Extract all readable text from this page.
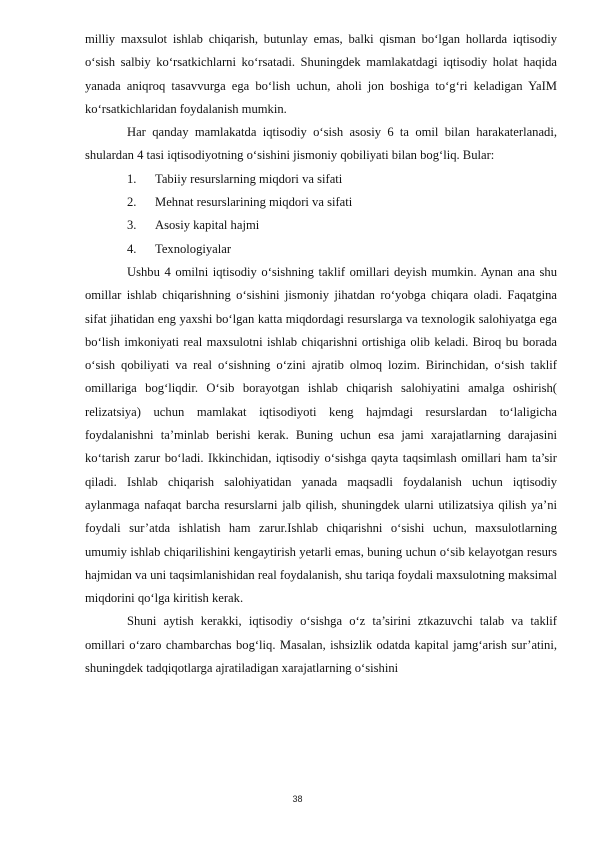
milliy maxsulot ishlab chiqarish, butunlay emas, balki qisman bo‘lgan hollarda iqtisodiy o‘sish salbiy ko‘rsatkichlarni ko‘rsatadi. Shuningdek mamlakatdagi iqtisodiy holat haqida yanada aniqroq tasavvurga ega bo‘lish uchun, aholi jon boshiga to‘g‘ri keladigan YaIM ko‘rsatkichlaridan foydalanish mumkin.

Har qanday mamlakatda iqtisodiy o‘sish asosiy 6 ta omil bilan harakaterlanadi, shulardan 4 tasi iqtisodiyotning o‘sishini jismoniy qobiliyati bilan bog‘liq. Bular:

1.	Tabiiy resurslarning miqdori va sifati
2.	Mehnat resurslarining miqdori va sifati
3.	Asosiy kapital hajmi
4.	Texnologiyalar

Ushbu 4 omilni iqtisodiy o‘sishning taklif omillari deyish mumkin. Aynan ana shu omillar ishlab chiqarishning o‘sishini jismoniy jihatdan ro‘yobga chiqara oladi. Faqatgina sifat jihatidan eng yaxshi bo‘lgan katta miqdordagi resurslarga va texnologik salohiyatga ega bo‘lish imkoniyati real maxsulotni ishlab chiqarishni ortishiga olib keladi. Biroq bu borada o‘sish qobiliyati va real o‘sishning o‘zini ajratib olmoq lozim. Birinchidan, o‘sish taklif omillariga bog‘liqdir. O‘sib borayotgan ishlab chiqarish salohiyatini amalga oshirish( relizatsiya) uchun mamlakat iqtisodiyoti keng hajmdagi resurslardan to‘laligicha foydalanishni ta’minlab berishi kerak. Buning uchun esa jami xarajatlarning darajasini ko‘tarish zarur bo‘ladi. Ikkinchidan, iqtisodiy o‘sishga qayta taqsimlash omillari ham ta’sir qiladi. Ishlab chiqarish salohiyatidan yanada maqsadli foydalanish uchun iqtisodiy aylanmaga nafaqat barcha resurslarni jalb qilish, shuningdek ularni utilizatsiya qilish ya’ni foydali sur’atda ishlatish ham zarur.Ishlab chiqarishni o‘sishi uchun, maxsulotlarning umumiy ishlab chiqarilishini kengaytirish yetarli emas, buning uchun o‘sib kelayotgan resurs hajmidan va uni taqsimlanishidan real foydalanish, shu tariqa foydali maxsulotning maksimal miqdorini qo‘lga kiritish kerak.

Shuni aytish kerakki, iqtisodiy o‘sishga o‘z ta’sirini ztkazuvchi talab va taklif omillari o‘zaro chambarchas bog‘liq. Masalan, ishsizlik odatda kapital jamg‘arish sur’atini, shuningdek tadqiqotlarga ajratiladigan xarajatlarning o‘sishini

38
